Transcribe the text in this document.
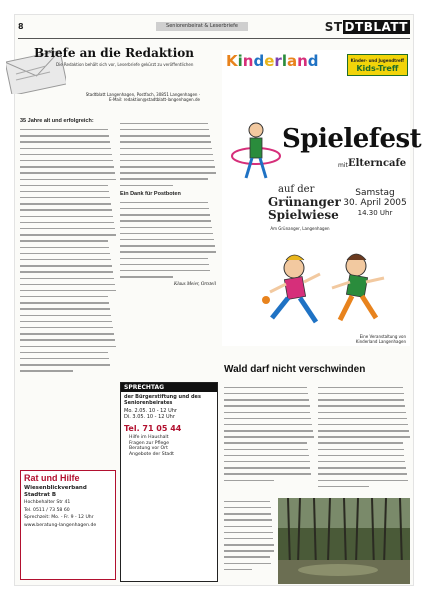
8	Seniorenbeirat & Leserbriefe	ST DTBLATT
Briefe an die Redaktion
Die Redaktion behält sich vor, Leserbriefe gekürzt zu veröffentlichen
Stadtblatt Langenhagen, Postfach, 30851 Langenhagen · E-Mail: redaktion@stadtblatt-langenhagen.de
35 Jahre alt und erfolgreich:
Ein Dank für Postboten
Klaus Meier, Ortsteil
SPRECHTAG
der Bürgerstiftung und des Seniorenbeirates
Mo. 2.05. 10 - 12 Uhr
Di. 3.05. 10 - 12 Uhr
Tel. 71 05 44
• Hilfe im Haushalt
• Fragen zur Pflege
• Beratung vor Ort
• Angebote der Stadt
Rat und Hilfe
Wiesenblickverband
Stadtrat B
Hochbehalter Str 41
Tel. 0511 / 73 58 60
Sprechzeit: Mo. - Fr. 9 - 12 Uhr
www.beratung-langenhagen.de
Kinderland	Kinder- und Jugendtreff
Kids-Treff
Spielefest
mit Elterncafe
auf der
Grünanger Spielwiese
Am Grünanger, Langenhagen
Samstag
30. April 2005
14.30 Uhr
Eine Veranstaltung von Kinderland Langenhagen
Wald darf nicht verschwinden
